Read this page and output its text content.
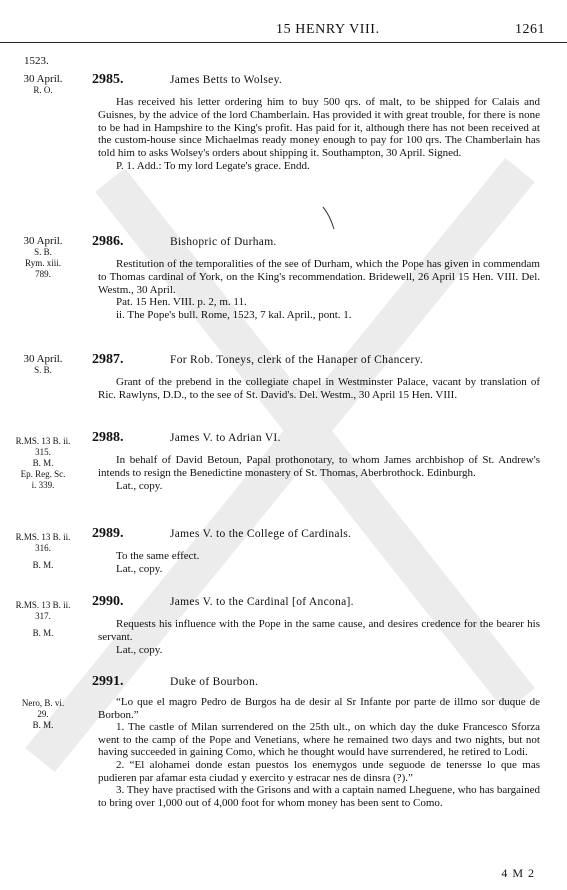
15 HENRY VIII.	1261
1523.
30 April.
R. O.
2985.	James Betts to Wolsey.

Has received his letter ordering him to buy 500 qrs. of malt, to be shipped for Calais and Guisnes, by the advice of the lord Chamberlain. Has provided it with great trouble, for there is none to be had in Hampshire to the King's profit. Has paid for it, although there has not been received at the custom-house since Michaelmas ready money enough to pay for 100 qrs. The Chamberlain has told him to asks Wolsey's orders about shipping it. Southampton, 30 April. Signed.

P. 1. Add.: To my lord Legate's grace. Endd.

30 April.
S. B.
Rym. xiii.
789.
2986.	Bishopric of Durham.

Restitution of the temporalities of the see of Durham, which the Pope has given in commendam to Thomas cardinal of York, on the King's recommendation. Bridewell, 26 April 15 Hen. VIII. Del. Westm., 30 April.

Pat. 15 Hen. VIII. p. 2, m. 11.

ii. The Pope's bull. Rome, 1523, 7 kal. April., pont. 1.

30 April.
S. B.
2987.	For Rob. Toneys, clerk of the Hanaper of Chancery.

Grant of the prebend in the collegiate chapel in Westminster Palace, vacant by translation of Ric. Rawlyns, D.D., to the see of St. David's. Del. Westm., 30 April 15 Hen. VIII.

R.MS. 13 B. ii.
315.
B. M.
Ep. Reg. Sc.
i. 339.
2988.	James V. to Adrian VI.

In behalf of David Betoun, Papal prothonotary, to whom James archbishop of St. Andrew's intends to resign the Benedictine monastery of St. Thomas, Aberbrothock. Edinburgh.

Lat., copy.

R.MS. 13 B. ii.
316.
B. M.
2989.	James V. to the College of Cardinals.

To the same effect.

Lat., copy.

R.MS. 13 B. ii.
317.
B. M.
2990.	James V. to the Cardinal [of Ancona].

Requests his influence with the Pope in the same cause, and desires credence for the bearer his servant.

Lat., copy.

Nero, B. vi.
29.
B. M.
2991.	Duke of Bourbon.

“Lo que el magro Pedro de Burgos ha de desir al Sr Infante por parte de illmo sor duque de Borbon.”

1. The castle of Milan surrendered on the 25th ult., on which day the duke Francesco Sforza went to the camp of the Pope and Venetians, where he remained two days and two nights, but not having succeeded in gaining Como, which he thought would have surrendered, he retired to Lodi.

2. “El alohamei donde estan puestos los enemygos unde seguode de tenersse lo que mas pudieren par afamar esta ciudad y exercito y estracar nes de dinsra (?).”

3. They have practised with the Grisons and with a captain named Lheguene, who has bargained to bring over 1,000 out of 4,000 foot for whom money has been sent to Como.

4 M 2
